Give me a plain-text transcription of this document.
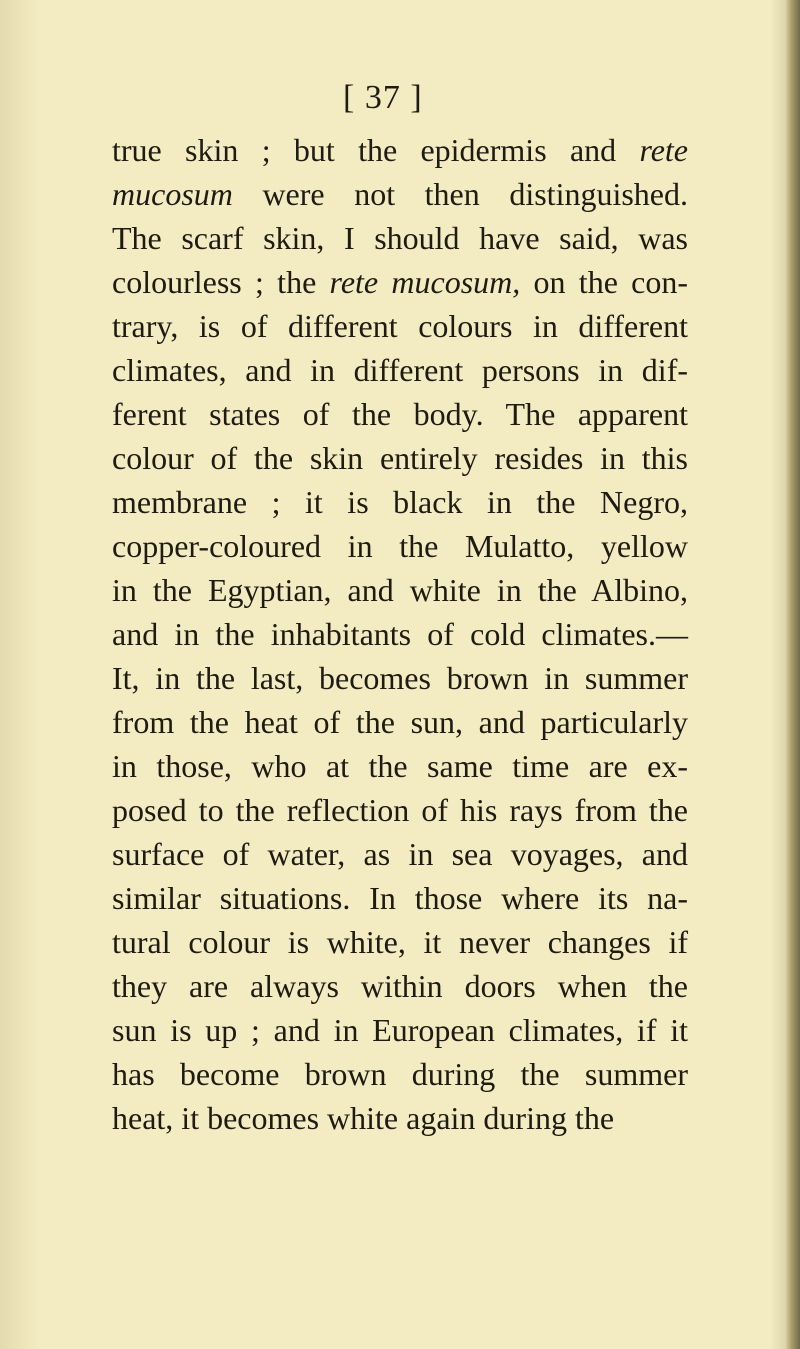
[ 37 ]
true skin ; but the epidermis and rete
mucosum were not then distinguished.
The scarf skin, I should have said, was
colourless ; the rete mucosum, on the con-
trary, is of different colours in different
climates, and in different persons in dif-
ferent states of the body. The apparent
colour of the skin entirely resides in this
membrane ; it is black in the Negro,
copper-coloured in the Mulatto, yellow
in the Egyptian, and white in the Albino,
and in the inhabitants of cold climates.—
It, in the last, becomes brown in summer
from the heat of the sun, and particularly
in those, who at the same time are ex-
posed to the reflection of his rays from the
surface of water, as in sea voyages, and
similar situations. In those where its na-
tural colour is white, it never changes if
they are always within doors when the
sun is up ; and in European climates, if it
has become brown during the summer
heat, it becomes white again during the
